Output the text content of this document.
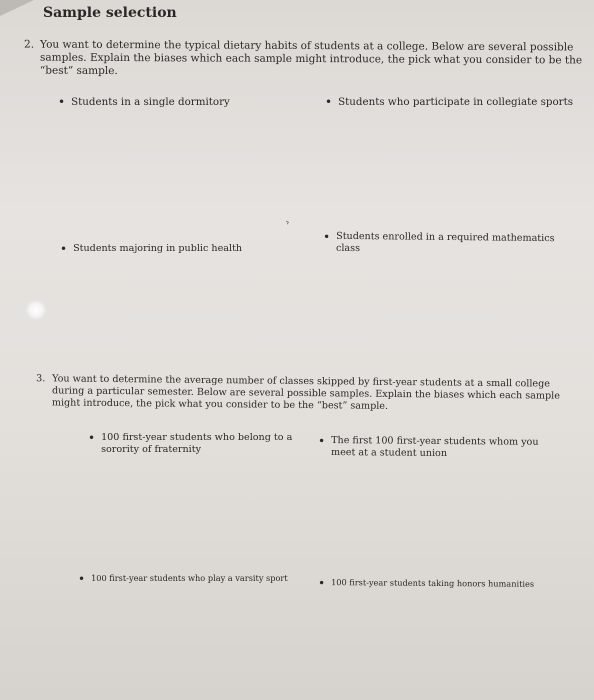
Sample selection
2. You want to determine the typical dietary habits of students at a college. Below are several possible samples. Explain the biases which each sample might introduce, the pick what you consider to be the “best” sample.
• Students in a single dormitory	• Students who participate in collegiate sports
›
• Students majoring in public health
• Students enrolled in a required mathematics class
3. You want to determine the average number of classes skipped by first-year students at a small college during a particular semester. Below are several possible samples. Explain the biases which each sample might introduce, the pick what you consider to be the “best” sample.
• 100 first-year students who belong to a sorority of fraternity
• The first 100 first-year students whom you meet at a student union
• 100 first-year students who play a varsity sport	• 100 first-year students taking honors humanities
